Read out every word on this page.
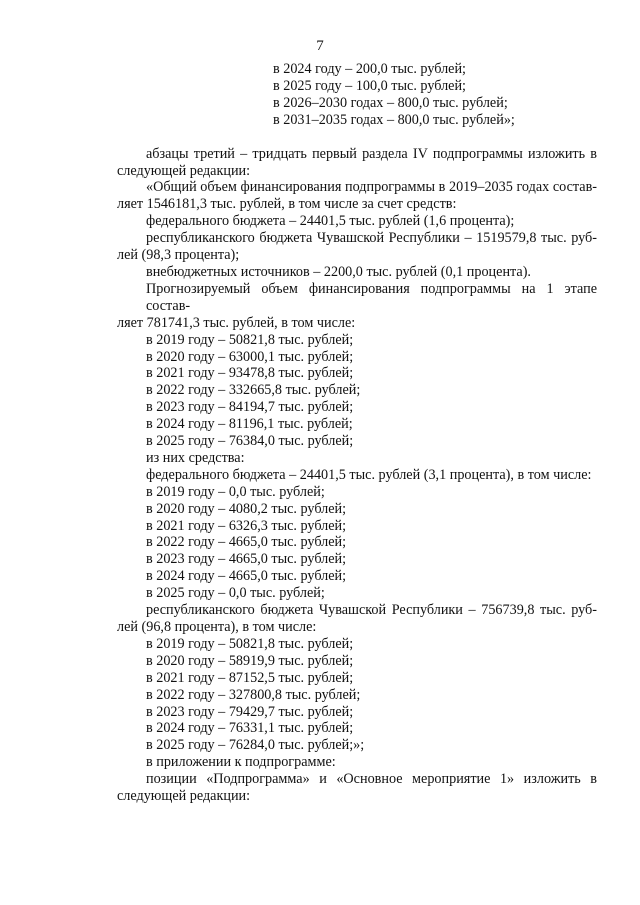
7
в 2024 году – 200,0 тыс. рублей;
в 2025 году – 100,0 тыс. рублей;
в 2026–2030 годах – 800,0 тыс. рублей;
в 2031–2035 годах – 800,0 тыс. рублей»;
абзацы третий – тридцать первый раздела IV подпрограммы изложить в
следующей редакции:
«Общий объем финансирования подпрограммы в 2019–2035 годах состав-
ляет 1546181,3 тыс. рублей, в том числе за счет средств:
федерального бюджета – 24401,5 тыс. рублей (1,6 процента);
республиканского бюджета Чувашской Республики – 1519579,8 тыс. руб-
лей (98,3 процента);
внебюджетных источников – 2200,0 тыс. рублей (0,1 процента).
Прогнозируемый объем финансирования подпрограммы на 1 этапе состав-
ляет 781741,3 тыс. рублей, в том числе:
в 2019 году – 50821,8 тыс. рублей;
в 2020 году – 63000,1 тыс. рублей;
в 2021 году – 93478,8 тыс. рублей;
в 2022 году – 332665,8 тыс. рублей;
в 2023 году – 84194,7 тыс. рублей;
в 2024 году – 81196,1 тыс. рублей;
в 2025 году – 76384,0 тыс. рублей;
из них средства:
федерального бюджета – 24401,5 тыс. рублей (3,1 процента), в том числе:
в 2019 году – 0,0 тыс. рублей;
в 2020 году – 4080,2 тыс. рублей;
в 2021 году – 6326,3 тыс. рублей;
в 2022 году – 4665,0 тыс. рублей;
в 2023 году – 4665,0 тыс. рублей;
в 2024 году – 4665,0 тыс. рублей;
в 2025 году – 0,0 тыс. рублей;
республиканского бюджета Чувашской Республики – 756739,8 тыс. руб-
лей (96,8 процента), в том числе:
в 2019 году – 50821,8 тыс. рублей;
в 2020 году – 58919,9 тыс. рублей;
в 2021 году – 87152,5 тыс. рублей;
в 2022 году – 327800,8 тыс. рублей;
в 2023 году – 79429,7 тыс. рублей;
в 2024 году – 76331,1 тыс. рублей;
в 2025 году – 76284,0 тыс. рублей;»;
в приложении к подпрограмме:
позиции «Подпрограмма» и «Основное мероприятие 1» изложить в
следующей редакции:
